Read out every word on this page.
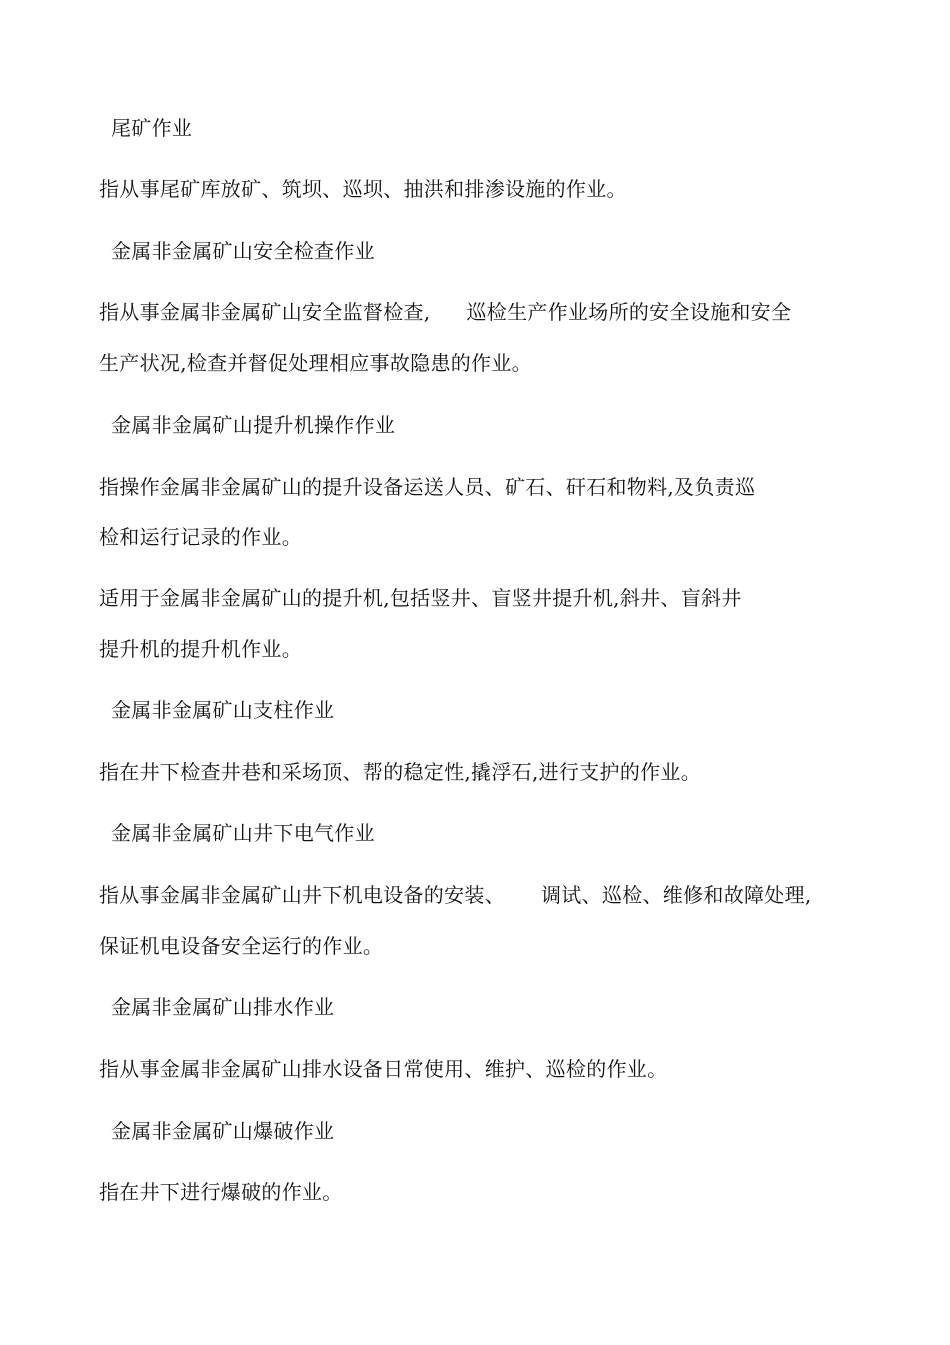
尾矿作业
指从事尾矿库放矿、筑坝、巡坝、抽洪和排渗设施的作业。
金属非金属矿山安全检查作业
指从事金属非金属矿山安全监督检查, 巡检生产作业场所的安全设施和安全
生产状况,检查并督促处理相应事故隐患的作业。
金属非金属矿山提升机操作作业
指操作金属非金属矿山的提升设备运送人员、矿石、矸石和物料,及负责巡
检和运行记录的作业。
适用于金属非金属矿山的提升机,包括竖井、盲竖井提升机,斜井、盲斜井
提升机的提升机作业。
金属非金属矿山支柱作业
指在井下检查井巷和采场顶、帮的稳定性,撬浮石,进行支护的作业。
金属非金属矿山井下电气作业
指从事金属非金属矿山井下机电设备的安装、 调试、巡检、维修和故障处理,
保证机电设备安全运行的作业。
金属非金属矿山排水作业
指从事金属非金属矿山排水设备日常使用、维护、巡检的作业。
金属非金属矿山爆破作业
指在井下进行爆破的作业。
